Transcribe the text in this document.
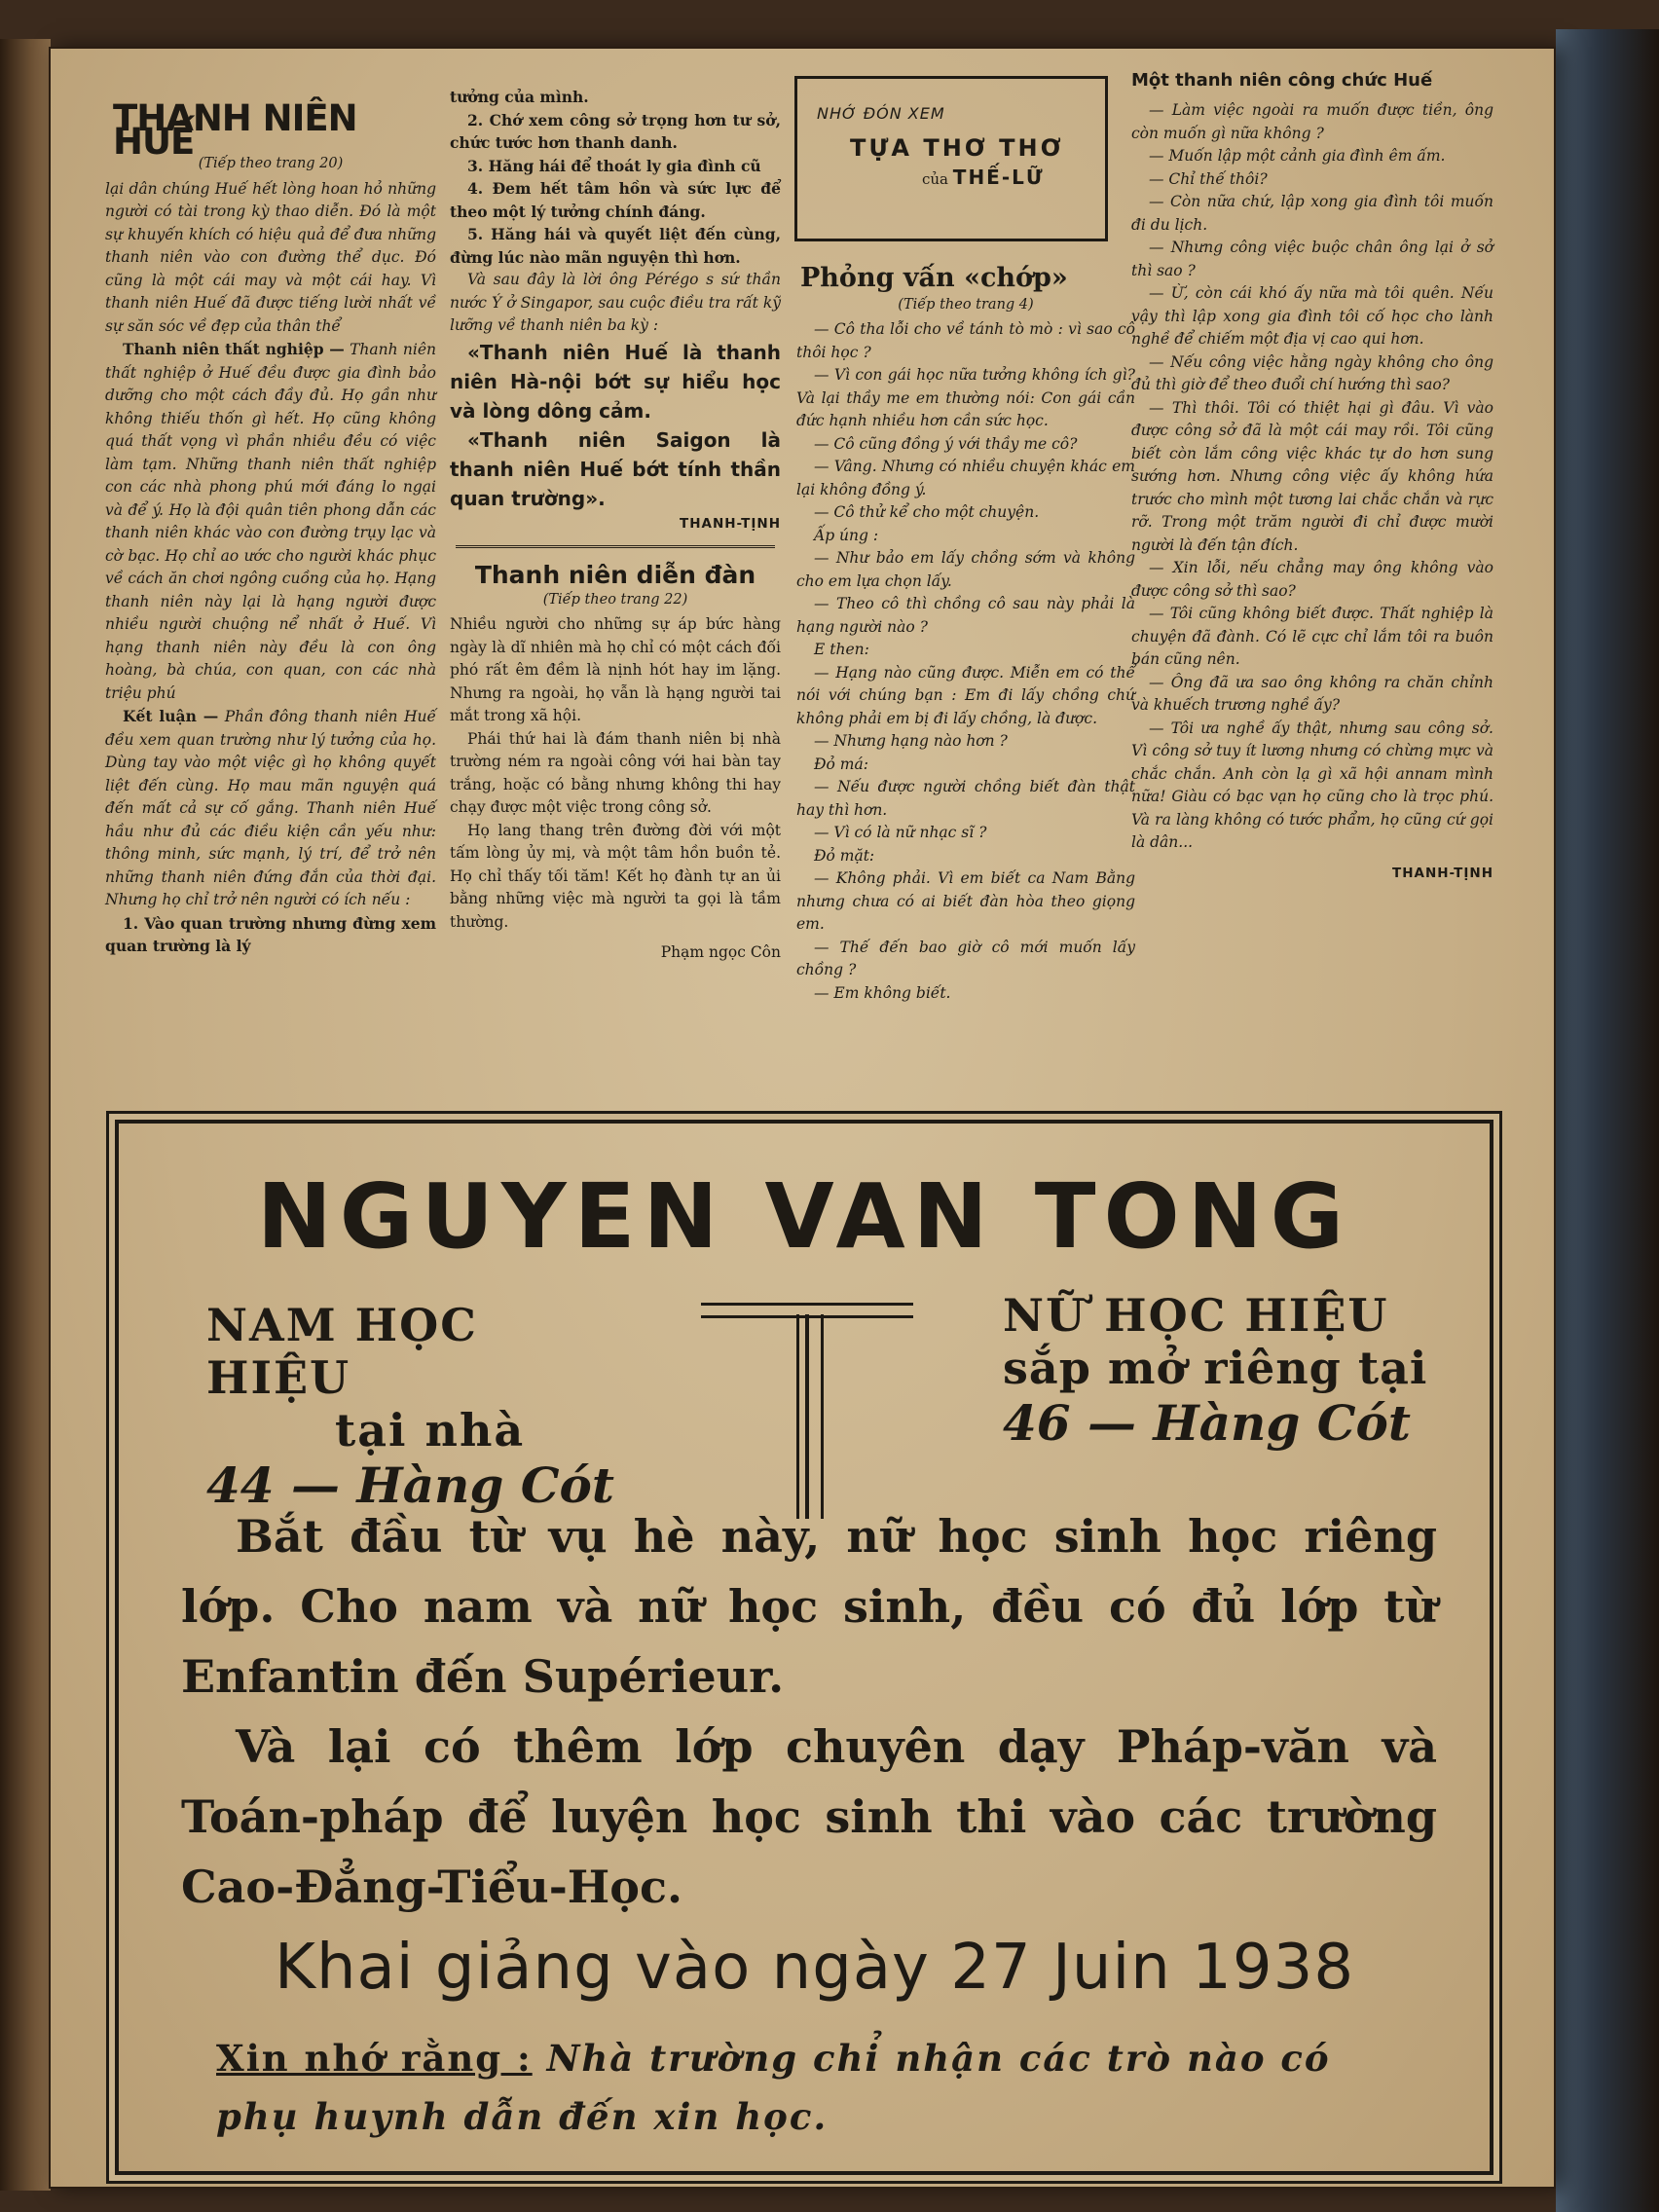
THANH NIÊN HUẾ
(Tiếp theo trang 20)

lại dân chúng Huế hết lòng hoan hỏ những người có tài trong kỳ thao diễn. Đó là một sự khuyến khích có hiệu quả để đưa những thanh niên vào con đường thể dục. Đó cũng là một cái may và một cái hay. Vì thanh niên Huế đã được tiếng lười nhất về sự săn sóc về đẹp của thân thể

Thanh niên thất nghiệp — Thanh niên thất nghiệp ở Huế đều được gia đình bảo dưỡng cho một cách đầy đủ. Họ gần như không thiếu thốn gì hết. Họ cũng không quá thất vọng vì phần nhiều đều có việc làm tạm. Những thanh niên thất nghiệp con các nhà phong phú mới đáng lo ngại và để ý. Họ là đội quân tiên phong dẫn các thanh niên khác vào con đường trụy lạc và cờ bạc. Họ chỉ ao ước cho người khác phục về cách ăn chơi ngông cuồng của họ. Hạng thanh niên này lại là hạng người được nhiều người chuộng nể nhất ở Huế. Vì hạng thanh niên này đều là con ông hoàng, bà chúa, con quan, con các nhà triệu phú

Kết luận — Phần đông thanh niên Huế đều xem quan trường như lý tưởng của họ. Dùng tay vào một việc gì họ không quyết liệt đến cùng. Họ mau mãn nguyện quá đến mất cả sự cố gắng. Thanh niên Huế hầu như đủ các điều kiện cần yếu như: thông minh, sức mạnh, lý trí, để trở nên những thanh niên đứng đắn của thời đại. Nhưng họ chỉ trở nên người có ích nếu :

1. Vào quan trường nhưng đừng xem quan trường là lý

tưởng của mình.

2. Chớ xem công sở trọng hơn tư sở, chức tước hơn thanh danh.

3. Hăng hái để thoát ly gia đình cũ

4. Đem hết tâm hồn và sức lực để theo một lý tưởng chính đáng.

5. Hăng hái và quyết liệt đến cùng, đừng lúc nào mãn nguyện thì hơn.

Và sau đây là lời ông Pérégo s sứ thần nước Ý ở Singapor, sau cuộc điều tra rất kỹ lưỡng về thanh niên ba kỳ :

«Thanh niên Huế là thanh niên Hà-nội bớt sự hiểu học và lòng dông cảm.

«Thanh niên Saigon là thanh niên Huế bớt tính thần quan trường».

THANH-TỊNH
Thanh niên diễn đàn
(Tiếp theo trang 22)

Nhiều người cho những sự áp bức hàng ngày là dĩ nhiên mà họ chỉ có một cách đối phó rất êm đềm là nịnh hót hay im lặng. Nhưng ra ngoài, họ vẫn là hạng người tai mắt trong xã hội.

Phái thứ hai là đám thanh niên bị nhà trường ném ra ngoài công với hai bàn tay trắng, hoặc có bằng nhưng không thi hay chạy được một việc trong công sở.

Họ lang thang trên đường đời với một tấm lòng ủy mị, và một tâm hồn buồn tẻ. Họ chỉ thấy tối tăm! Kết họ đành tự an ủi bằng những việc mà người ta gọi là tầm thường.

Phạm ngọc Côn
NHỚ ĐÓN XEM
TỰA THƠ THƠ
của THẾ-LỮ
Phỏng vấn «chớp»
(Tiếp theo trang 4)

— Cô tha lỗi cho về tánh tò mò : vì sao cô thôi học ?

— Vì con gái học nữa tưởng không ích gì? Và lại thầy me em thường nói: Con gái cần đức hạnh nhiều hơn cần sức học.

— Cô cũng đồng ý với thầy me cô?

— Vâng. Nhưng có nhiều chuyện khác em lại không đồng ý.

— Cô thử kể cho một chuyện.

Ấp úng :

— Như bảo em lấy chồng sớm và không cho em lựa chọn lấy.

— Theo cô thì chồng cô sau này phải là hạng người nào ?

E then:

— Hạng nào cũng được. Miễn em có thể nói với chúng bạn : Em đi lấy chồng chứ không phải em bị đi lấy chồng, là được.

— Nhưng hạng nào hơn ?

Đỏ má:

— Nếu được người chồng biết đàn thật hay thì hơn.

— Vì có là nữ nhạc sĩ ?

Đỏ mặt:

— Không phải. Vì em biết ca Nam Bằng nhưng chưa có ai biết đàn hòa theo giọng em.

— Thế đến bao giờ cô mới muốn lấy chồng ?

— Em không biết.

Một thanh niên công chức Huế

— Làm việc ngoài ra muốn được tiền, ông còn muốn gì nữa không ?

— Muốn lập một cảnh gia đình êm ấm.

— Chỉ thế thôi?

— Còn nữa chứ, lập xong gia đình tôi muốn đi du lịch.

— Nhưng công việc buộc chân ông lại ở sở thì sao ?

— Ừ, còn cái khó ấy nữa mà tôi quên. Nếu vậy thì lập xong gia đình tôi cố học cho lành nghề để chiếm một địa vị cao qui hơn.

— Nếu công việc hằng ngày không cho ông đủ thì giờ để theo đuổi chí hướng thì sao?

— Thì thôi. Tôi có thiệt hại gì đâu. Vì vào được công sở đã là một cái may rồi. Tôi cũng biết còn lắm công việc khác tự do hơn sung sướng hơn. Nhưng công việc ấy không hứa trước cho mình một tương lai chắc chắn và rực rỡ. Trong một trăm người đi chỉ được mười người là đến tận đích.

— Xin lỗi, nếu chẳng may ông không vào được công sở thì sao?

— Tôi cũng không biết được. Thất nghiệp là chuyện đã đành. Có lẽ cực chỉ lắm tôi ra buôn bán cũng nên.

— Ông đã ưa sao ông không ra chăn chỉnh và khuếch trương nghề ấy?

— Tôi ưa nghề ấy thật, nhưng sau công sở. Vì công sở tuy ít lương nhưng có chừng mực và chắc chắn. Anh còn lạ gì xã hội annam mình nữa! Giàu có bạc vạn họ cũng cho là trọc phú. Và ra làng không có tước phẩm, họ cũng cứ gọi là dân...

THANH-TỊNH
NGUYEN VAN TONG
NAM HỌC HIỆU
tại nhà
44 — Hàng Cót
NỮ HỌC HIỆU
sắp mở riêng tại
46 — Hàng Cót

Bắt đầu từ vụ hè này, nữ học sinh học riêng lớp. Cho nam và nữ học sinh, đều có đủ lớp từ Enfantin đến Supérieur.

Và lại có thêm lớp chuyên dạy Pháp-văn và Toán-pháp để luyện học sinh thi vào các trường Cao-Đẳng-Tiểu-Học.

Khai giảng vào ngày 27 Juin 1938
Xin nhớ rằng : Nhà trường chỉ nhận các trò nào có phụ huynh dẫn đến xin học.
